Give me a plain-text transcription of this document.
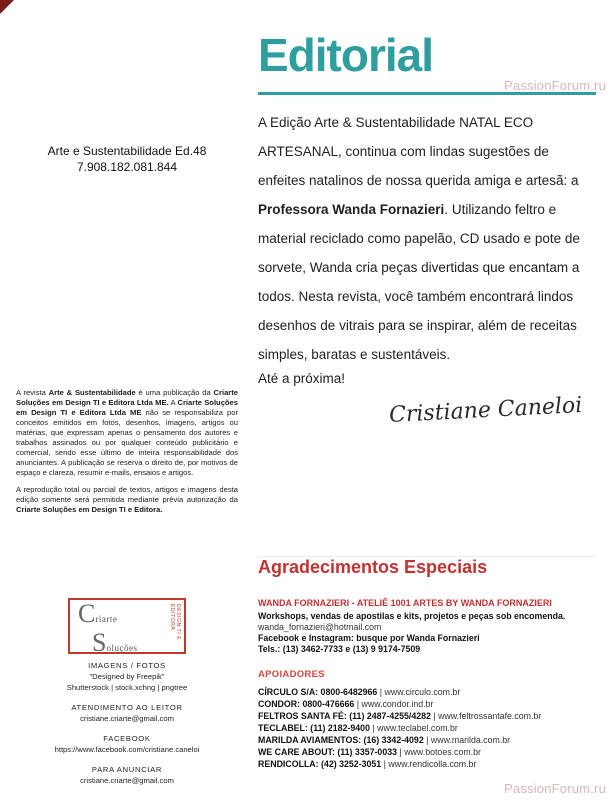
PassionForum.ru
PassionForum.ru
Arte e Sustentabilidade Ed.48
7.908.182.081.844

A revista Arte & Sustentabilidade é uma publicação da Criarte Soluções em Design TI e Editora Ltda ME. A Criarte Soluções em Design TI e Editora Ltda ME não se responsabiliza por conceitos emitidos em fotos, desenhos, imagens, artigos ou matérias, que expressam apenas o pensamento dos autores e trabalhos assinados ou por qualquer conteúdo publicitário e comercial, sendo esse último de inteira responsabilidade dos anunciantes. A publicação se reserva o direito de, por motivos de espaço e clareza, resumir e-mails, ensaios e artigos.

A reprodução total ou parcial de textos, artigos e imagens desta edição somente será permitida mediante prévia autorização da Criarte Soluções em Design TI e Editora.

Criarte
Soluções
DESIGN TI E EDITORA
IMAGENS / FOTOS
"Designed by Freepik"
Shutterstock | stock.xchng | pngtree
ATENDIMENTO AO LEITOR
cristiane.criarte@gmail.com
FACEBOOK
https://www.facebook.com/cristiane.caneloi
PARA ANUNCIAR
cristiane.criarte@gmail.com
Editorial

A Edição Arte & Sustentabilidade NATAL ECO ARTESANAL, continua com lindas sugestões de enfeites natalinos de nossa querida amiga e artesã: a Professora Wanda Fornazieri. Utilizando feltro e material reciclado como papelão, CD usado e pote de sorvete, Wanda cria peças divertidas que encantam a todos. Nesta revista, você também encontrará lindos desenhos de vitrais para se inspirar, além de receitas simples, baratas e sustentáveis.

Até a próxima!

Cristiane Caneloi
Agradecimentos Especiais
WANDA FORNAZIERI - ATELIÊ 1001 ARTES BY WANDA FORNAZIERI
Workshops, vendas de apostilas e kits, projetos e peças sob encomenda.
wanda_fornazieri@hotmail.com
Facebook e Instagram: busque por Wanda Fornazieri
Tels.: (13) 3462-7733 e (13) 9 9174-7509
APOIADORES
CÍRCULO S/A: 0800-6482966 | www.circulo.com.br
CONDOR: 0800-476666 | www.condor.ind.br
FELTROS SANTA FÉ: (11) 2487-4255/4282 | www.feltrossantafe.com.br
TECLABEL: (11) 2182-9400 | www.teclabel.com.br
MARILDA AVIAMENTOS: (16) 3342-4092 | www.marilda.com.br
WE CARE ABOUT: (11) 3357-0033 | www.botoes.com.br
RENDICOLLA: (42) 3252-3051 | www.rendicolla.com.br
